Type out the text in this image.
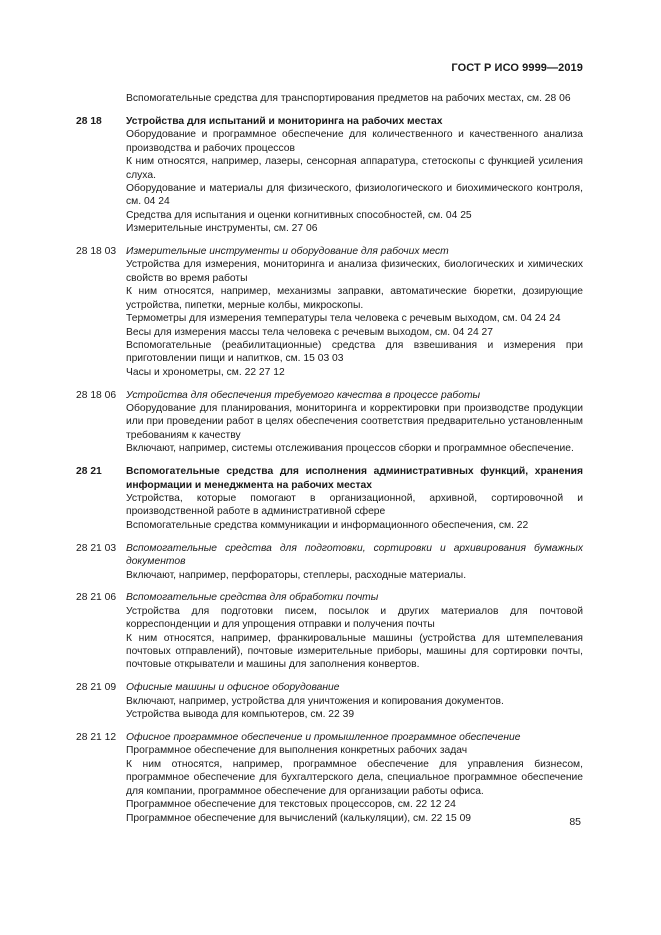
ГОСТ Р ИСО 9999—2019
Вспомогательные средства для транспортирования предметов на рабочих местах, см. 28 06
28 18	Устройства для испытаний и мониторинга на рабочих местах
Оборудование и программное обеспечение для количественного и качественного анализа производства и рабочих процессов
К ним относятся, например, лазеры, сенсорная аппаратура, стетоскопы с функцией усиления слуха.
Оборудование и материалы для физического, физиологического и биохимического контроля, см. 04 24
Средства для испытания и оценки когнитивных способностей, см. 04 25
Измерительные инструменты, см. 27 06
28 18 03 Измерительные инструменты и оборудование для рабочих мест
Устройства для измерения, мониторинга и анализа физических, биологических и химических свойств во время работы
К ним относятся, например, механизмы заправки, автоматические бюретки, дозирующие устройства, пипетки, мерные колбы, микроскопы.
Термометры для измерения температуры тела человека с речевым выходом, см. 04 24 24
Весы для измерения массы тела человека с речевым выходом, см. 04 24 27
Вспомогательные (реабилитационные) средства для взвешивания и измерения при приготовлении пищи и напитков, см. 15 03 03
Часы и хронометры, см. 22 27 12
28 18 06 Устройства для обеспечения требуемого качества в процессе работы
Оборудование для планирования, мониторинга и корректировки при производстве продукции или при проведении работ в целях обеспечения соответствия предварительно установленным требованиям к качеству
Включают, например, системы отслеживания процессов сборки и программное обеспечение.
28 21	Вспомогательные средства для исполнения административных функций, хранения информации и менеджмента на рабочих местах
Устройства, которые помогают в организационной, архивной, сортировочной и производственной работе в административной сфере
Вспомогательные средства коммуникации и информационного обеспечения, см. 22
28 21 03 Вспомогательные средства для подготовки, сортировки и архивирования бумажных документов
Включают, например, перфораторы, степлеры, расходные материалы.
28 21 06 Вспомогательные средства для обработки почты
Устройства для подготовки писем, посылок и других материалов для почтовой корреспонденции и для упрощения отправки и получения почты
К ним относятся, например, франкировальные машины (устройства для штемпелевания почтовых отправлений), почтовые измерительные приборы, машины для сортировки почты, почтовые открыватели и машины для заполнения конвертов.
28 21 09 Офисные машины и офисное оборудование
Включают, например, устройства для уничтожения и копирования документов.
Устройства вывода для компьютеров, см. 22 39
28 21 12 Офисное программное обеспечение и промышленное программное обеспечение
Программное обеспечение для выполнения конкретных рабочих задач
К ним относятся, например, программное обеспечение для управления бизнесом, программное обеспечение для бухгалтерского дела, специальное программное обеспечение для компании, программное обеспечение для организации работы офиса.
Программное обеспечение для текстовых процессоров, см. 22 12 24
Программное обеспечение для вычислений (калькуляции), см. 22 15 09	85
